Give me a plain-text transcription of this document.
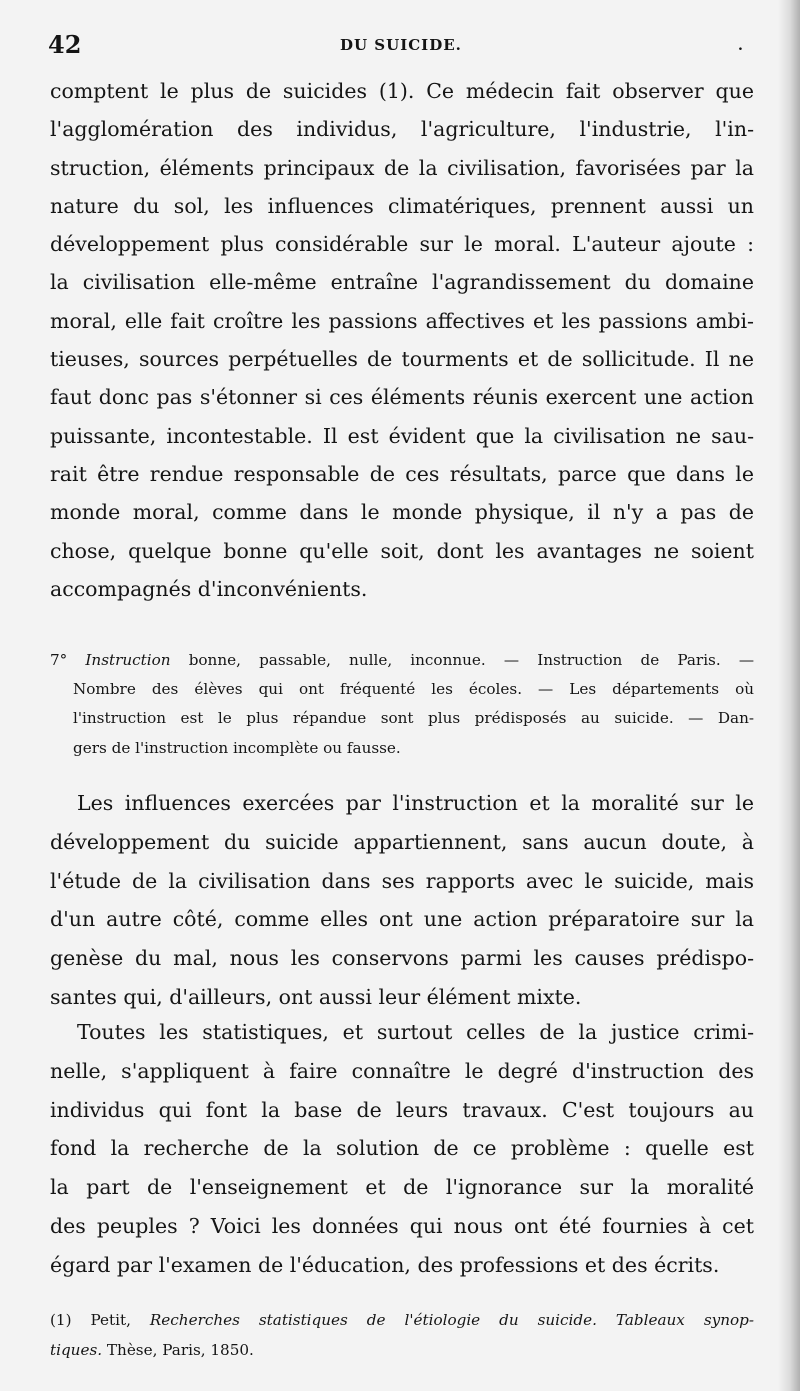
42	DU SUICIDE.	.
comptent le plus de suicides (1). Ce médecin fait observer que
l'agglomération des individus, l'agriculture, l'industrie, l'in-
struction, éléments principaux de la civilisation, favorisées par la
nature du sol, les influences climatériques, prennent aussi un
développement plus considérable sur le moral. L'auteur ajoute :
la civilisation elle-même entraîne l'agrandissement du domaine
moral, elle fait croître les passions affectives et les passions ambi-
tieuses, sources perpétuelles de tourments et de sollicitude. Il ne
faut donc pas s'étonner si ces éléments réunis exercent une action
puissante, incontestable. Il est évident que la civilisation ne sau-
rait être rendue responsable de ces résultats, parce que dans le
monde moral, comme dans le monde physique, il n'y a pas de
chose, quelque bonne qu'elle soit, dont les avantages ne soient
accompagnés d'inconvénients.
7° Instruction bonne, passable, nulle, inconnue. — Instruction de Paris. —
Nombre des élèves qui ont fréquenté les écoles. — Les départements où
l'instruction est le plus répandue sont plus prédisposés au suicide. — Dan-
gers de l'instruction incomplète ou fausse.
Les influences exercées par l'instruction et la moralité sur le
développement du suicide appartiennent, sans aucun doute, à
l'étude de la civilisation dans ses rapports avec le suicide, mais
d'un autre côté, comme elles ont une action préparatoire sur la
genèse du mal, nous les conservons parmi les causes prédispo-
santes qui, d'ailleurs, ont aussi leur élément mixte.
Toutes les statistiques, et surtout celles de la justice crimi-
nelle, s'appliquent à faire connaître le degré d'instruction des
individus qui font la base de leurs travaux. C'est toujours au
fond la recherche de la solution de ce problème : quelle est
la part de l'enseignement et de l'ignorance sur la moralité
des peuples ? Voici les données qui nous ont été fournies à cet
égard par l'examen de l'éducation, des professions et des écrits.
(1) Petit, Recherches statistiques de l'étiologie du suicide. Tableaux synop-
tiques. Thèse, Paris, 1850.
